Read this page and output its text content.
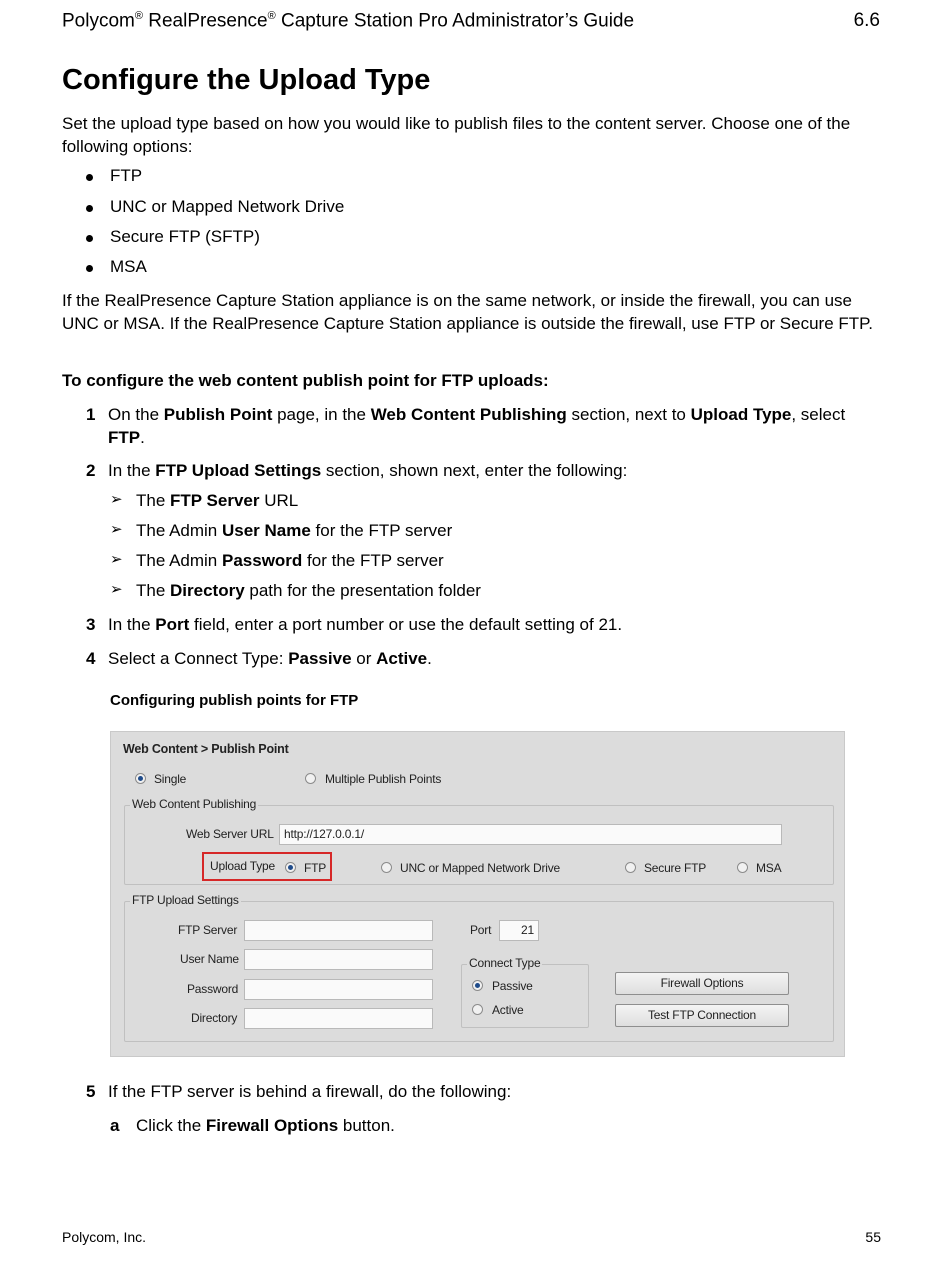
Polycom® RealPresence® Capture Station Pro Administrator’s Guide	6.6
Configure the Upload Type
Set the upload type based on how you would like to publish files to the content server. Choose one of the following options:
FTP
UNC or Mapped Network Drive
Secure FTP (SFTP)
MSA
If the RealPresence Capture Station appliance is on the same network, or inside the firewall, you can use UNC or MSA. If the RealPresence Capture Station appliance is outside the firewall, use FTP or Secure FTP.
To configure the web content publish point for FTP uploads:
1 On the Publish Point page, in the Web Content Publishing section, next to Upload Type, select
FTP.
2 In the FTP Upload Settings section, shown next, enter the following:
➢ The FTP Server URL
➢ The Admin User Name for the FTP server
➢ The Admin Password for the FTP server
➢ The Directory path for the presentation folder
3 In the Port field, enter a port number or use the default setting of 21.
4 Select a Connect Type: Passive or Active.
Configuring publish points for FTP
Web Content > Publish Point
Single	Multiple Publish Points
Web Content Publishing
Web Server URL http://127.0.0.1/
Upload Type FTP	UNC or Mapped Network Drive	Secure FTP	MSA
FTP Upload Settings
FTP Server
User Name
Password
Directory
Port	21
Connect Type
Passive
Active
Firewall Options
Test FTP Connection
5 If the FTP server is behind a firewall, do the following:
a Click the Firewall Options button.
Polycom, Inc.	55
